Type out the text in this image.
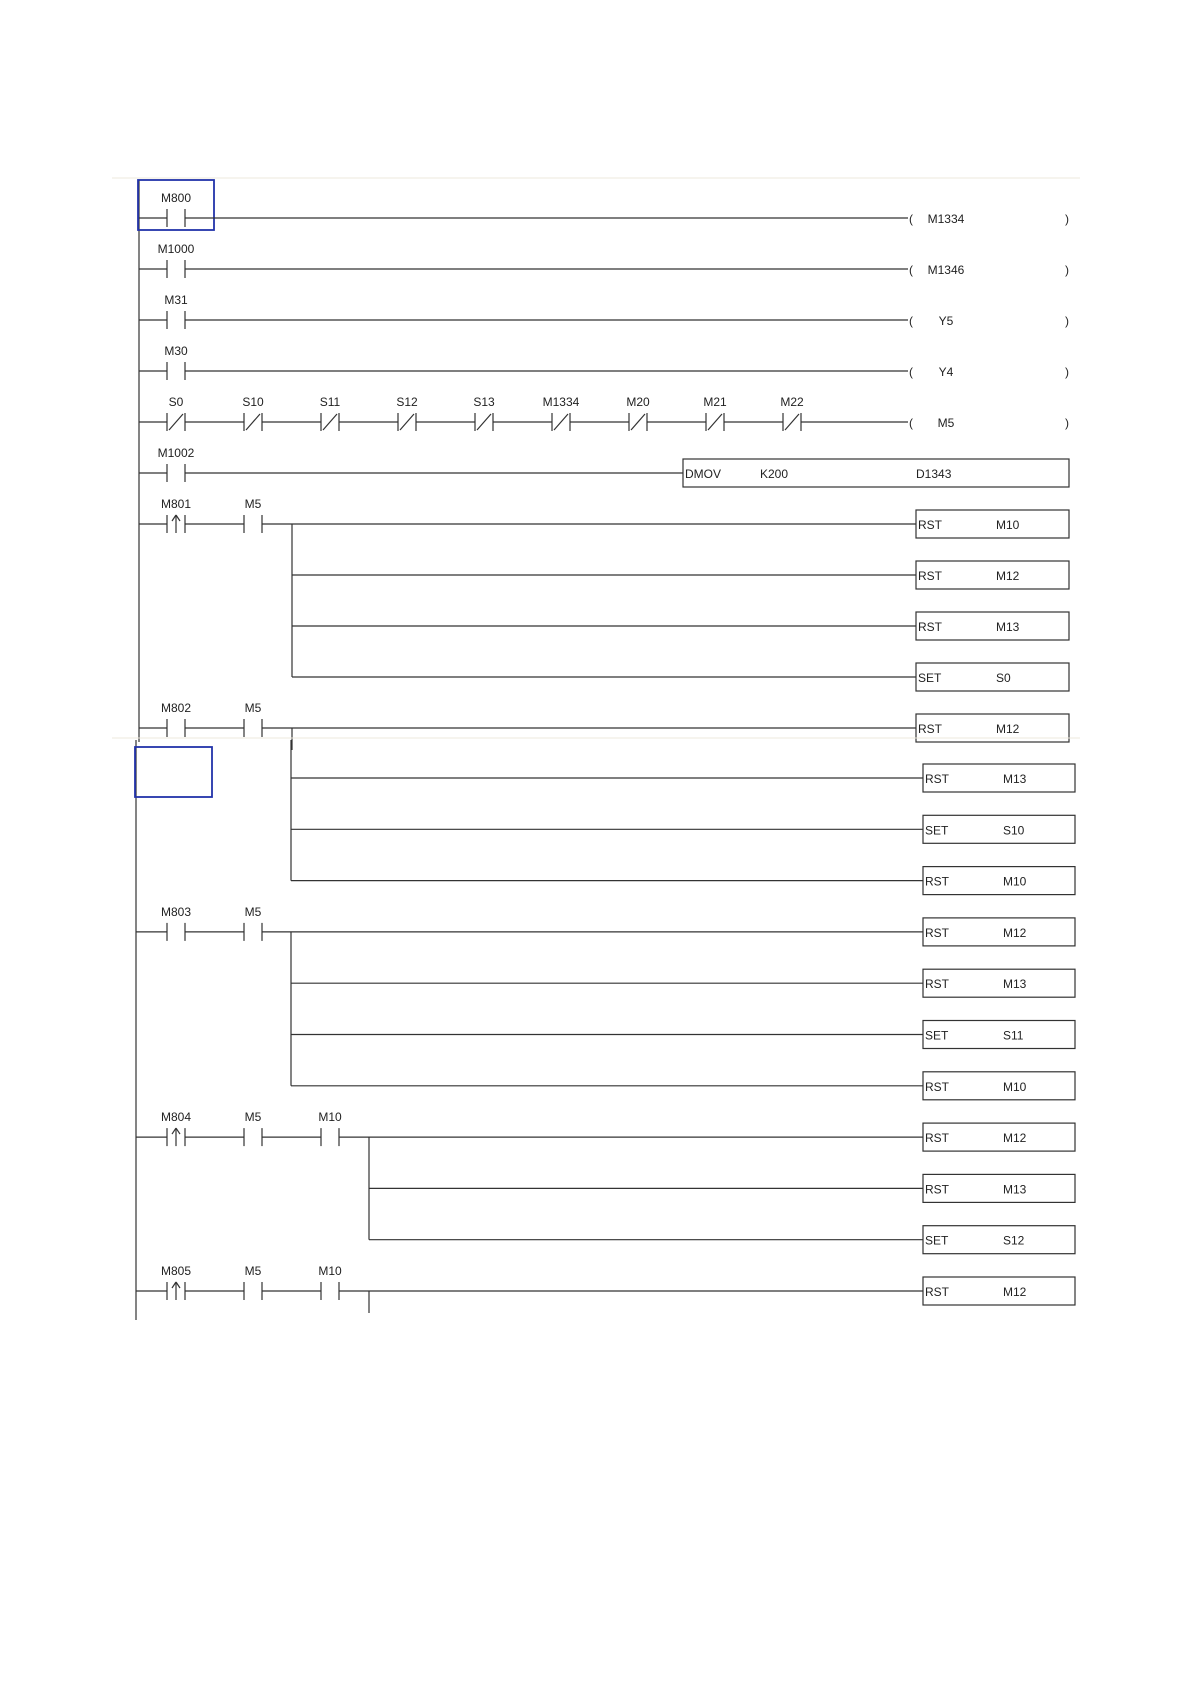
M800
( M1334	)
M1000
( M1346	)
M31
( Y5	)
M30
( Y4	)
S0	S10	S11	S12	S13	M1334	M20	M21	M22
( M5	)
M1002
DMOV	K200	D1343
M801	M5
RST	M10
RST	M12
RST	M13
SET	S0
M802	M5
RST	M12
RST	M13
SET	S10
RST	M10
M803	M5
RST	M12
RST	M13
SET	S11
RST	M10
M804	M5	M10
RST	M12
RST	M13
SET	S12
M805	M5	M10
RST	M12
